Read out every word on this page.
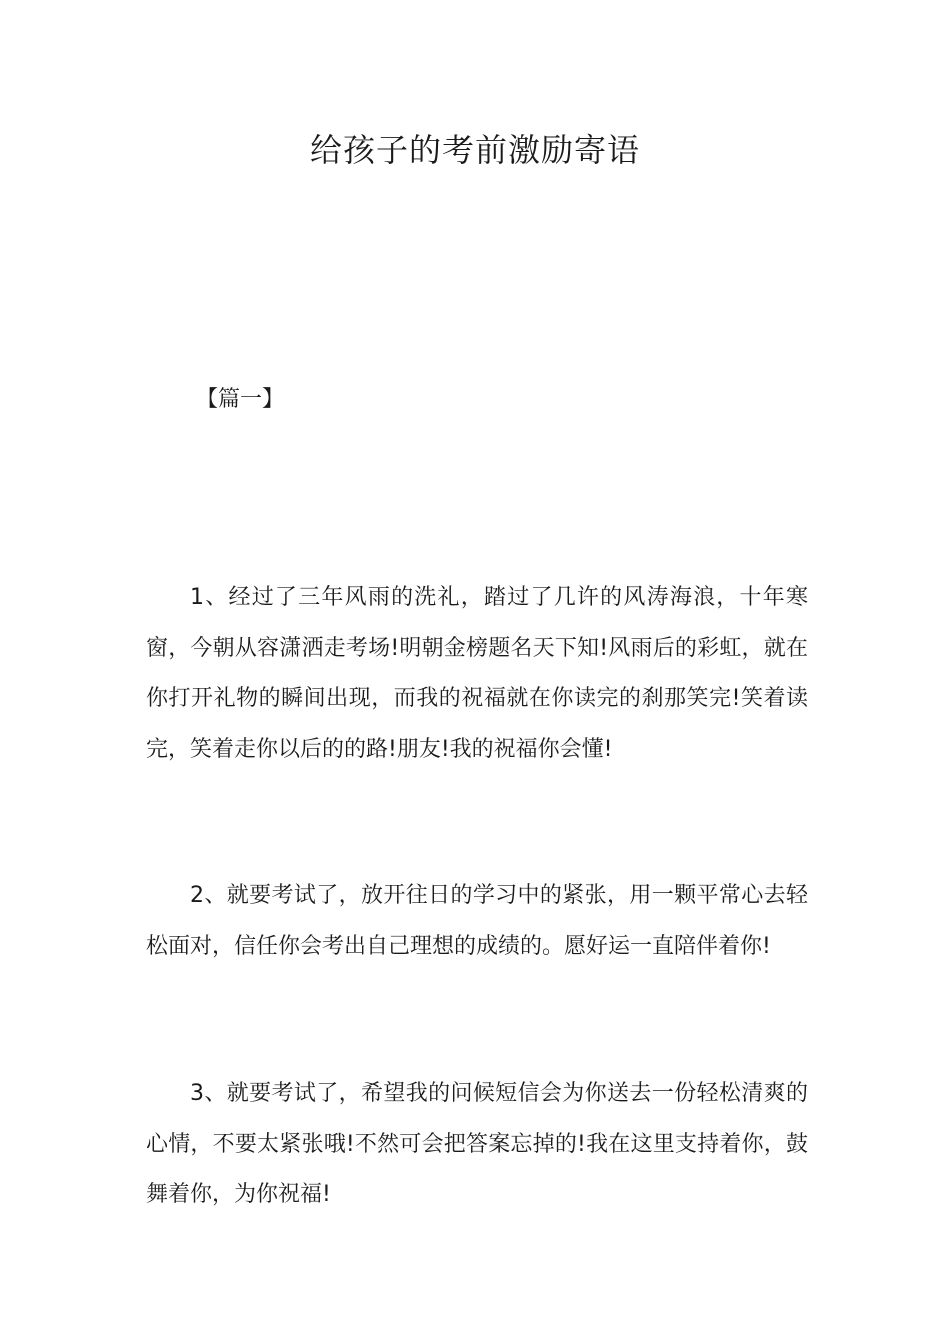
给孩子的考前激励寄语

【篇一】

1、经过了三年风雨的洗礼，踏过了几许的风涛海浪，十年寒窗，今朝从容潇洒走考场!明朝金榜题名天下知!风雨后的彩虹，就在你打开礼物的瞬间出现，而我的祝福就在你读完的刹那笑完!笑着读完，笑着走你以后的的路!朋友!我的祝福你会懂!

2、就要考试了，放开往日的学习中的紧张，用一颗平常心去轻松面对，信任你会考出自己理想的成绩的。愿好运一直陪伴着你!

3、就要考试了，希望我的问候短信会为你送去一份轻松清爽的心情，不要太紧张哦!不然可会把答案忘掉的!我在这里支持着你，鼓舞着你，为你祝福!
